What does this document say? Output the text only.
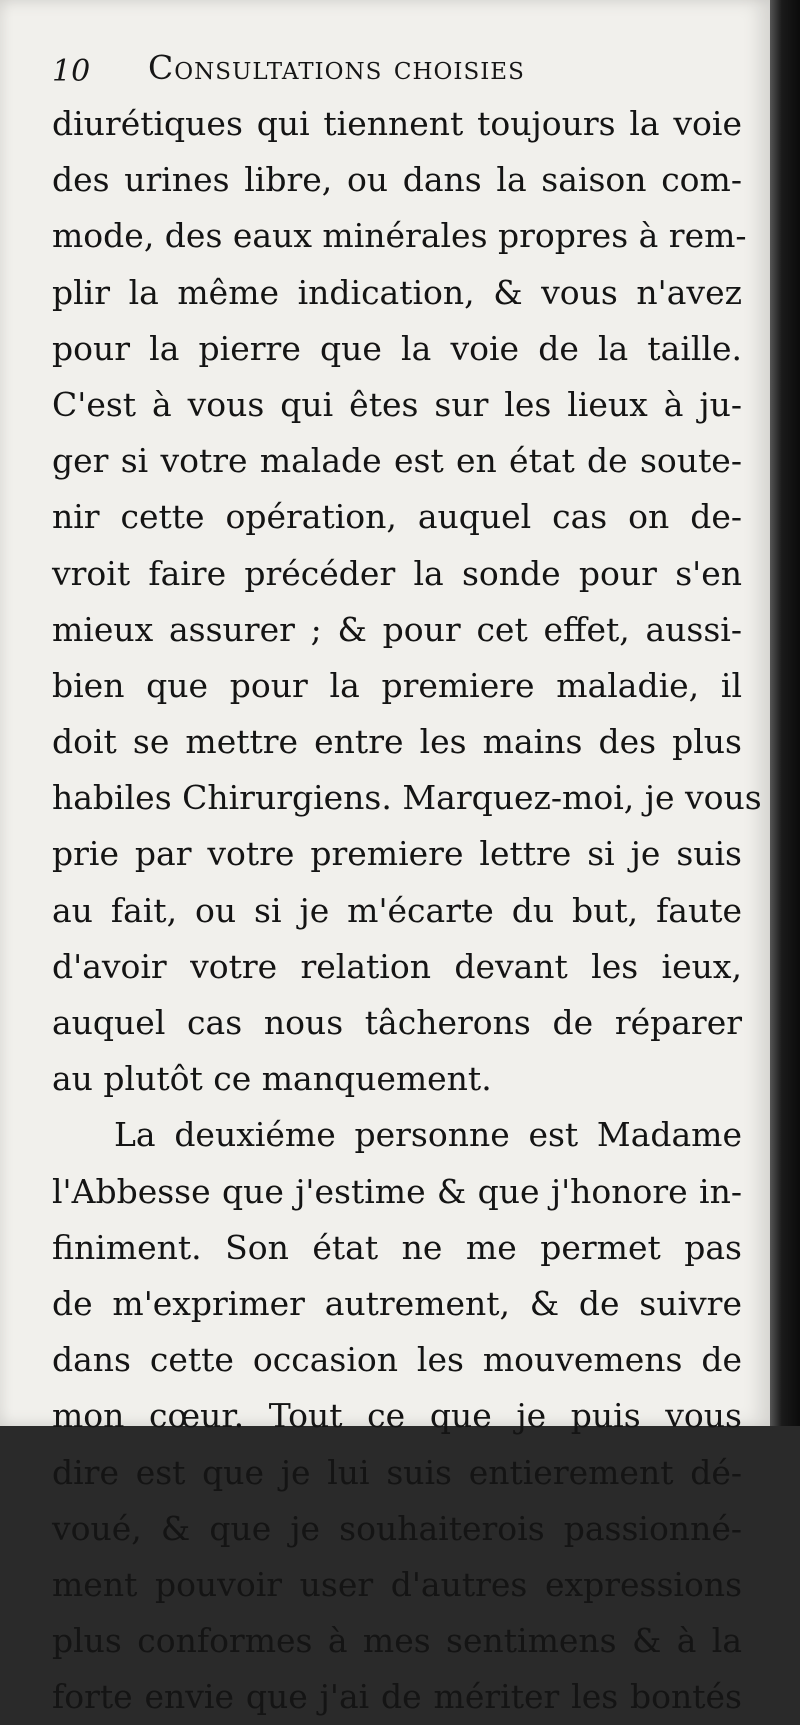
10 Consultations choisies
diurétiques qui tiennent toujours la voie
des urines libre, ou dans la saison com-
mode, des eaux minérales propres à rem-
plir la même indication, & vous n'avez
pour la pierre que la voie de la taille.
C'est à vous qui êtes sur les lieux à ju-
ger si votre malade est en état de soute-
nir cette opération, auquel cas on de-
vroit faire précéder la sonde pour s'en
mieux assurer ; & pour cet effet, aussi-
bien que pour la premiere maladie, il
doit se mettre entre les mains des plus
habiles Chirurgiens. Marquez-moi, je vous
prie par votre premiere lettre si je suis
au fait, ou si je m'écarte du but, faute
d'avoir votre relation devant les ieux,
auquel cas nous tâcherons de réparer
au plutôt ce manquement.
La deuxiéme personne est Madame
l'Abbesse que j'estime & que j'honore in-
finiment. Son état ne me permet pas
de m'exprimer autrement, & de suivre
dans cette occasion les mouvemens de
mon cœur. Tout ce que je puis vous
dire est que je lui suis entierement dé-
voué, & que je souhaiterois passionné-
ment pouvoir user d'autres expressions
plus conformes à mes sentimens & à la
forte envie que j'ai de mériter les bontés
